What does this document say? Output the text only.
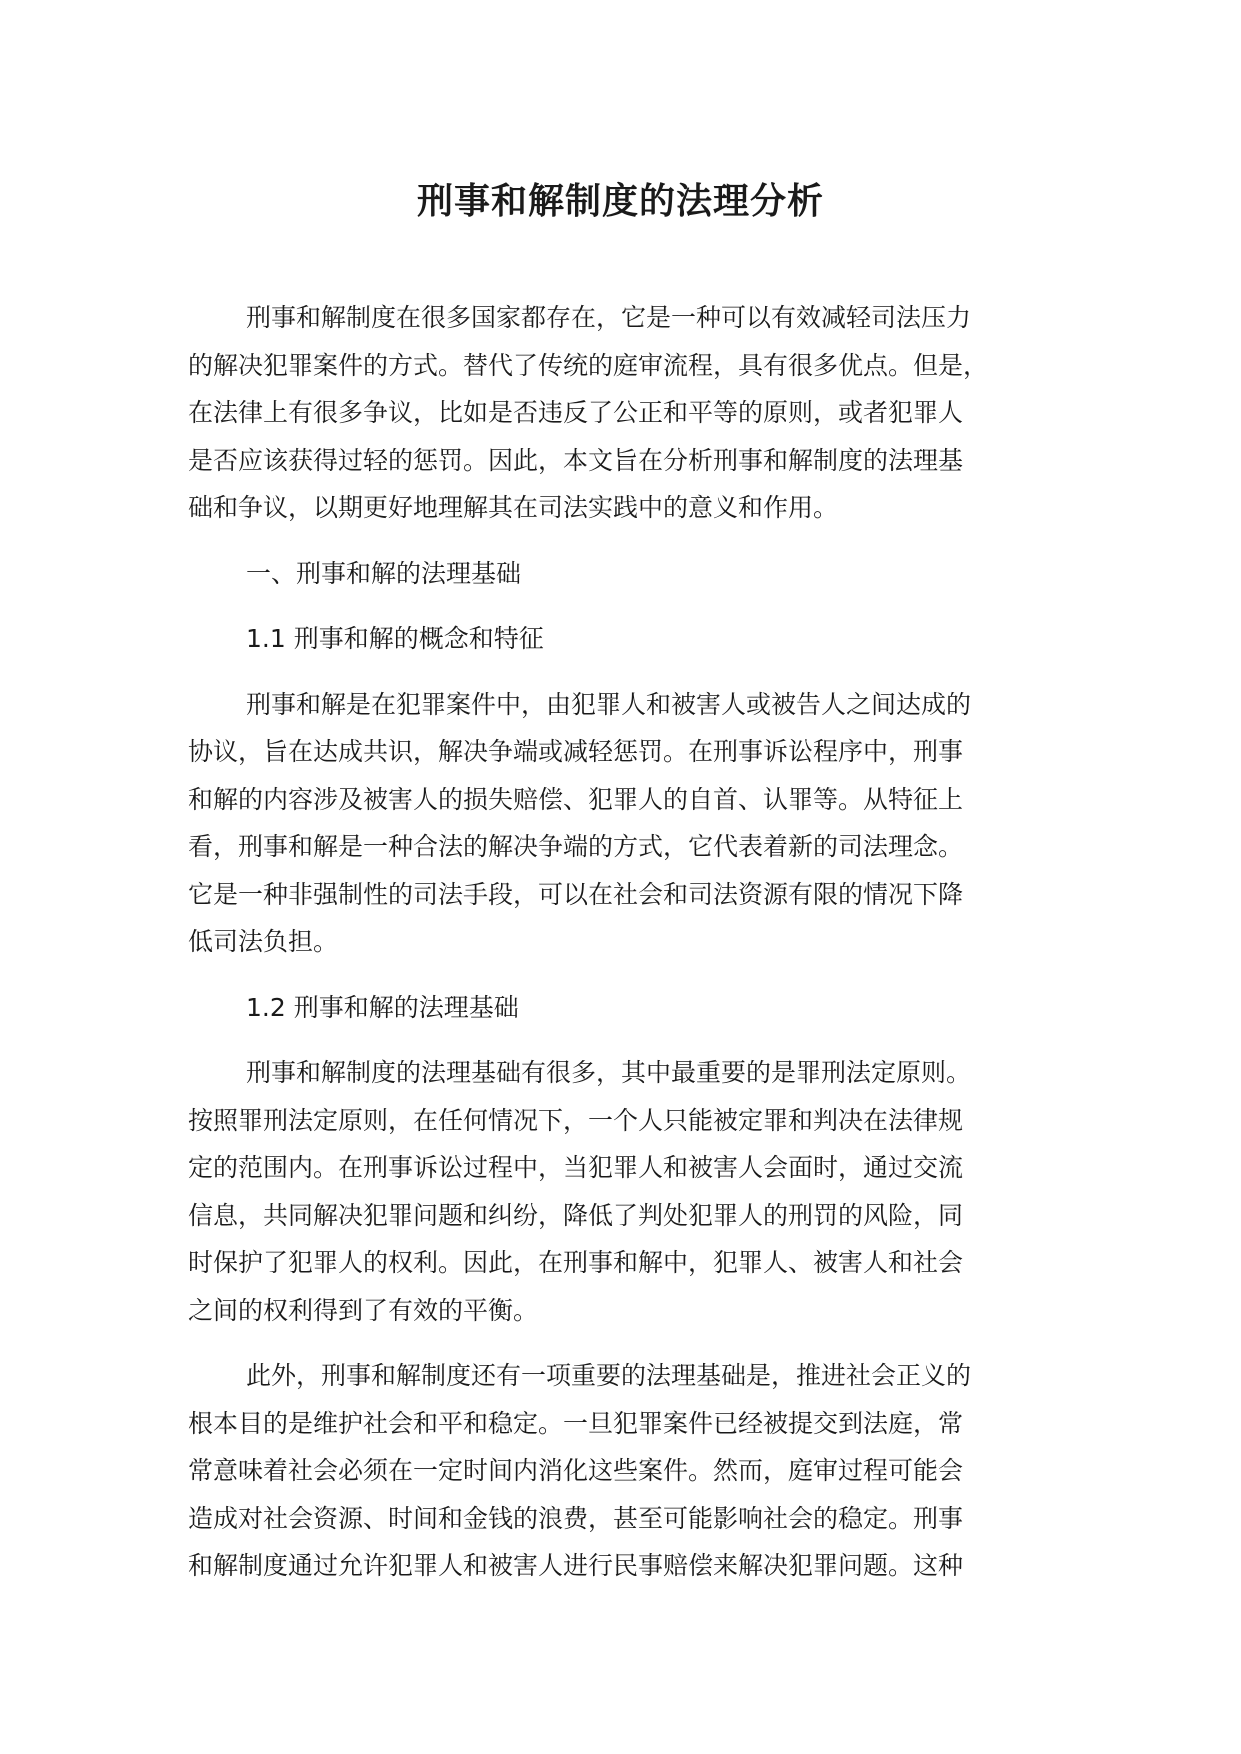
刑事和解制度的法理分析

刑事和解制度在很多国家都存在，它是一种可以有效减轻司法压力
的解决犯罪案件的方式。替代了传统的庭审流程，具有很多优点。但是，
在法律上有很多争议，比如是否违反了公正和平等的原则，或者犯罪人
是否应该获得过轻的惩罚。因此，本文旨在分析刑事和解制度的法理基
础和争议，以期更好地理解其在司法实践中的意义和作用。

一、刑事和解的法理基础
1.1 刑事和解的概念和特征

刑事和解是在犯罪案件中，由犯罪人和被害人或被告人之间达成的
协议，旨在达成共识，解决争端或减轻惩罚。在刑事诉讼程序中，刑事
和解的内容涉及被害人的损失赔偿、犯罪人的自首、认罪等。从特征上
看，刑事和解是一种合法的解决争端的方式，它代表着新的司法理念。
它是一种非强制性的司法手段，可以在社会和司法资源有限的情况下降
低司法负担。

1.2 刑事和解的法理基础

刑事和解制度的法理基础有很多，其中最重要的是罪刑法定原则。
按照罪刑法定原则，在任何情况下，一个人只能被定罪和判决在法律规
定的范围内。在刑事诉讼过程中，当犯罪人和被害人会面时，通过交流
信息，共同解决犯罪问题和纠纷，降低了判处犯罪人的刑罚的风险，同
时保护了犯罪人的权利。因此，在刑事和解中，犯罪人、被害人和社会
之间的权利得到了有效的平衡。

此外，刑事和解制度还有一项重要的法理基础是，推进社会正义的
根本目的是维护社会和平和稳定。一旦犯罪案件已经被提交到法庭，常
常意味着社会必须在一定时间内消化这些案件。然而，庭审过程可能会
造成对社会资源、时间和金钱的浪费，甚至可能影响社会的稳定。刑事
和解制度通过允许犯罪人和被害人进行民事赔偿来解决犯罪问题。这种
